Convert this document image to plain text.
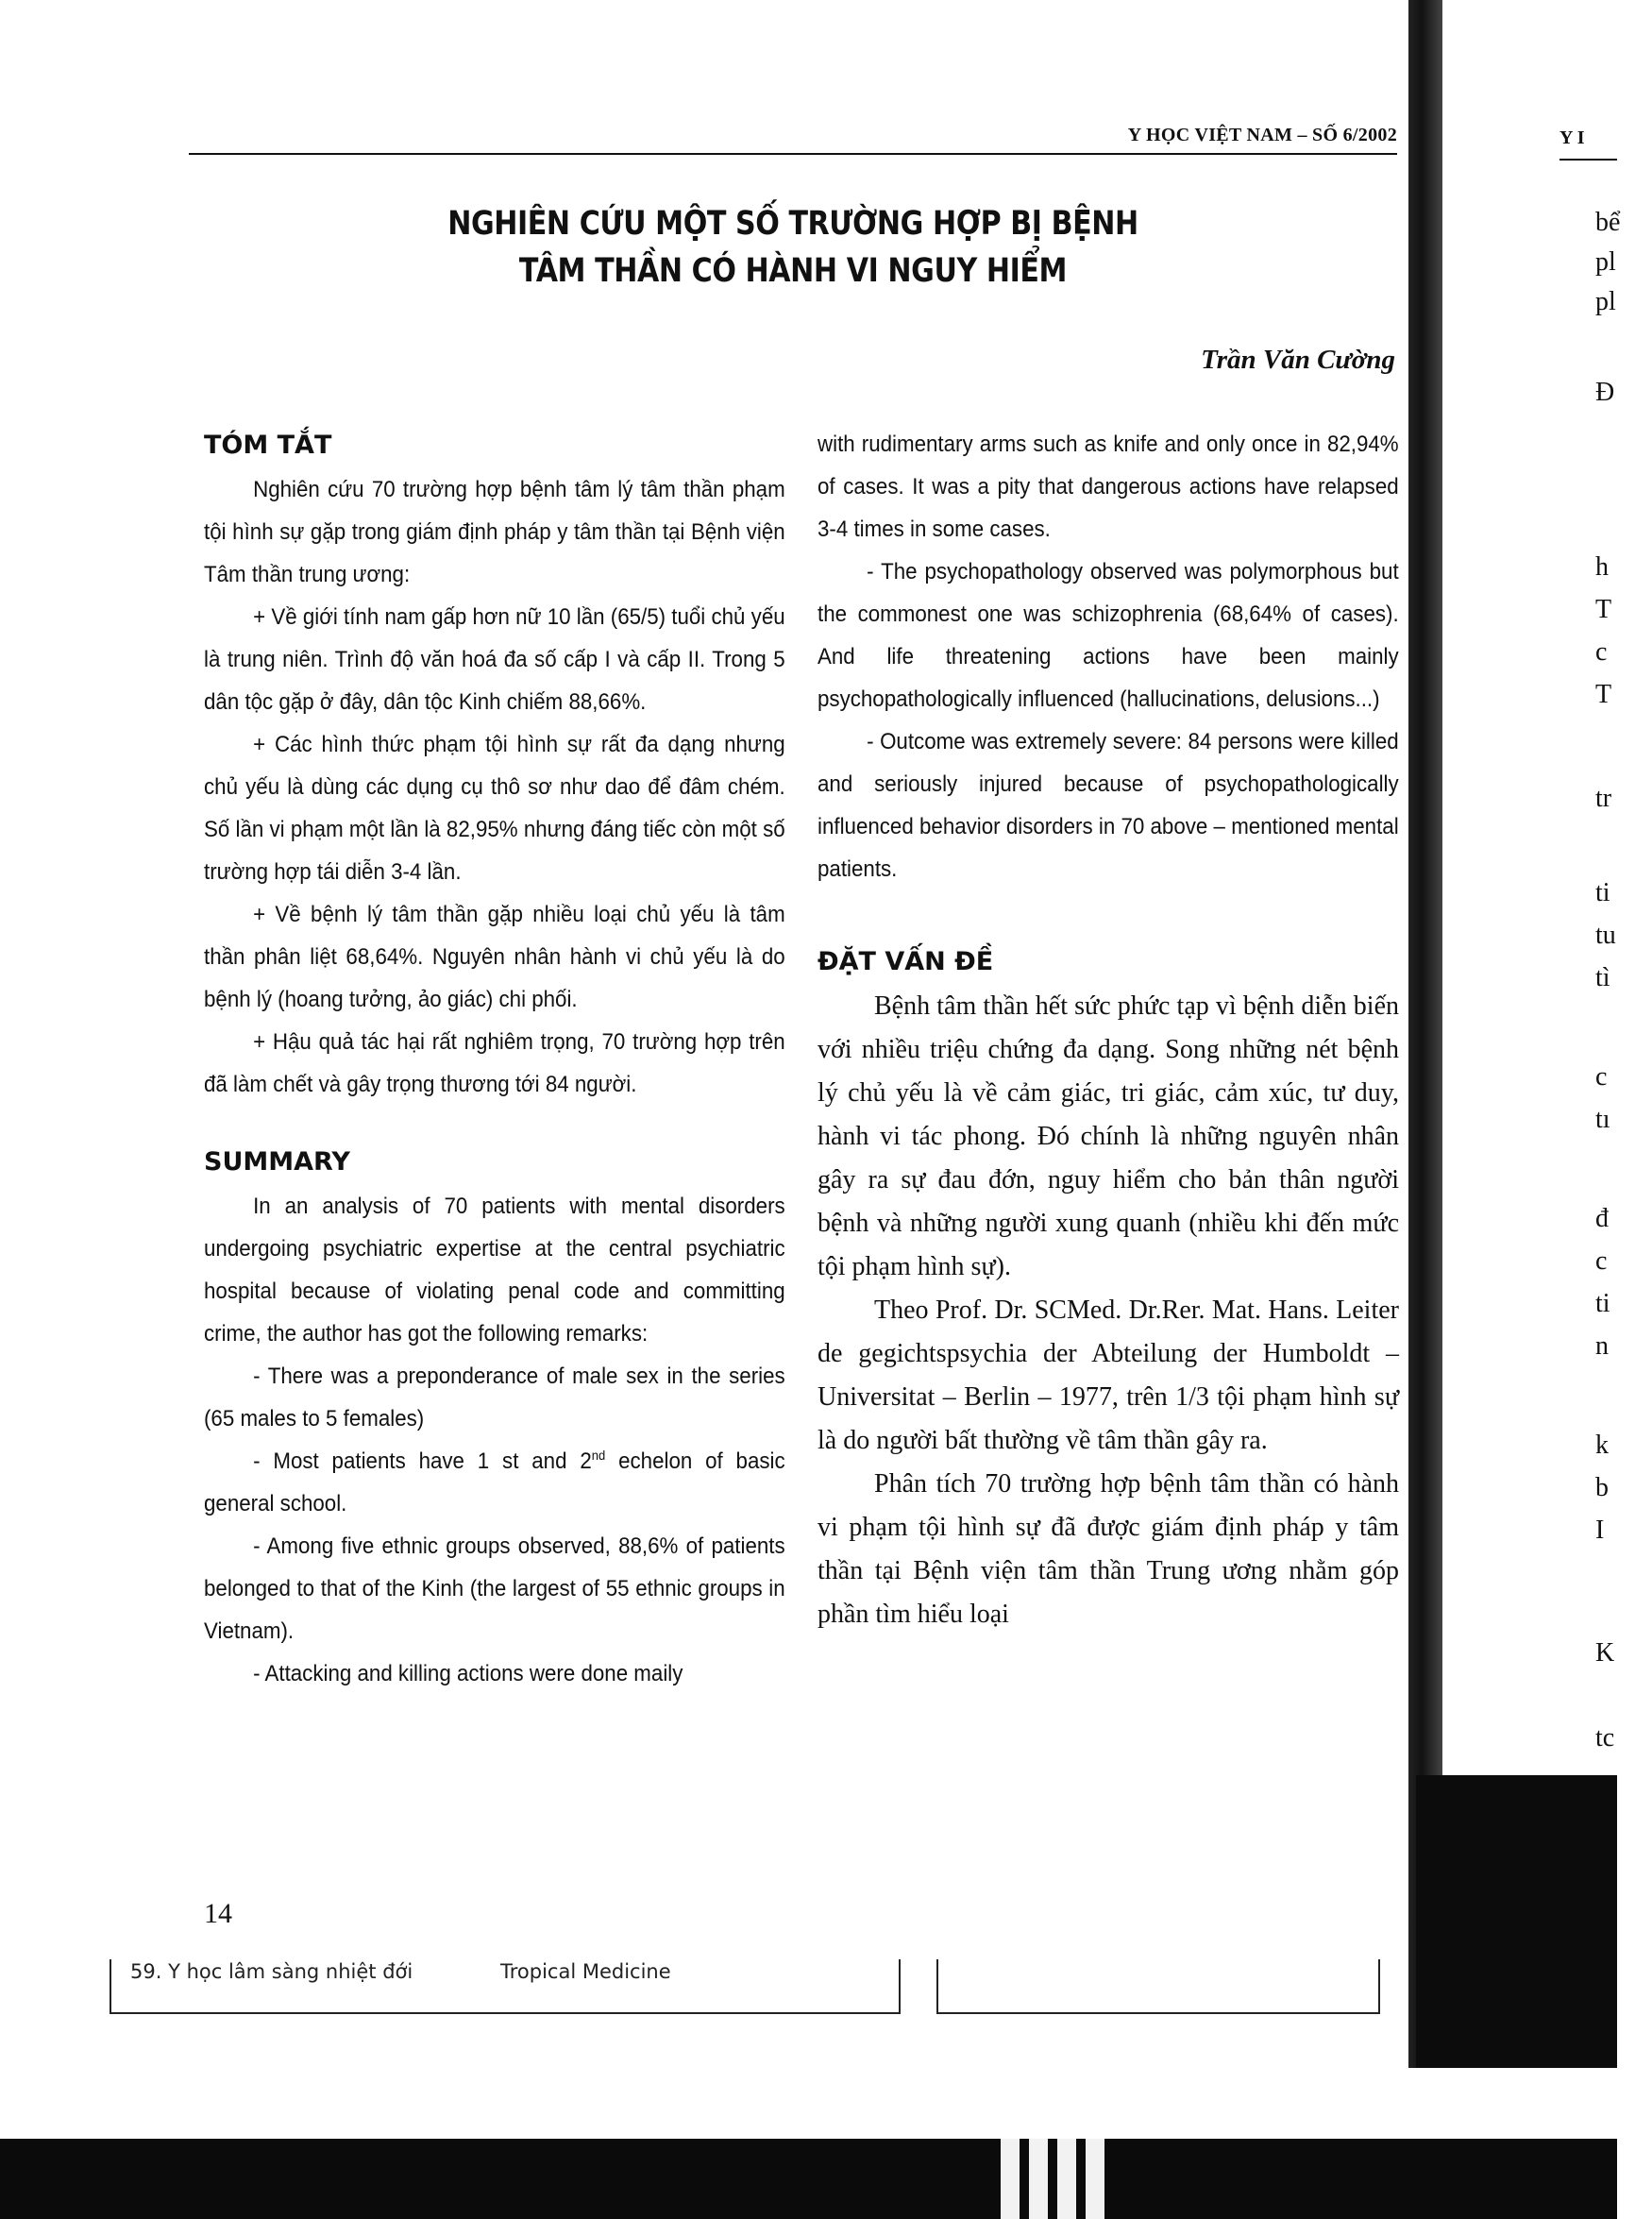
Y HỌC VIỆT NAM – SỐ 6/2002	Y I
NGHIÊN CỨU MỘT SỐ TRƯỜNG HỢP BỊ BỆNH
TÂM THẦN CÓ HÀNH VI NGUY HIỂM
Trần Văn Cường
TÓM TẮT

Nghiên cứu 70 trường hợp bệnh tâm lý tâm thần phạm tội hình sự gặp trong giám định pháp y tâm thần tại Bệnh viện Tâm thần trung ương:

+ Về giới tính nam gấp hơn nữ 10 lần (65/5) tuổi chủ yếu là trung niên. Trình độ văn hoá đa số cấp I và cấp II. Trong 5 dân tộc gặp ở đây, dân tộc Kinh chiếm 88,66%.

+ Các hình thức phạm tội hình sự rất đa dạng nhưng chủ yếu là dùng các dụng cụ thô sơ như dao để đâm chém. Số lần vi phạm một lần là 82,95% nhưng đáng tiếc còn một số trường hợp tái diễn 3-4 lần.

+ Về bệnh lý tâm thần gặp nhiều loại chủ yếu là tâm thần phân liệt 68,64%. Nguyên nhân hành vi chủ yếu là do bệnh lý (hoang tưởng, ảo giác) chi phối.

+ Hậu quả tác hại rất nghiêm trọng, 70 trường hợp trên đã làm chết và gây trọng thương tới 84 người.

SUMMARY

In an analysis of 70 patients with mental disorders undergoing psychiatric expertise at the central psychiatric hospital because of violating penal code and committing crime, the author has got the following remarks:

- There was a preponderance of male sex in the series (65 males to 5 females)

- Most patients have 1 st and 2nd echelon of basic general school.

- Among five ethnic groups observed, 88,6% of patients belonged to that of the Kinh (the largest of 55 ethnic groups in Vietnam).

- Attacking and killing actions were done maily

with rudimentary arms such as knife and only once in 82,94% of cases. It was a pity that dangerous actions have relapsed 3-4 times in some cases.

- The psychopathology observed was polymorphous but the commonest one was schizophrenia (68,64% of cases). And life threatening actions have been mainly psychopathologically influenced (hallucinations, delusions...)

- Outcome was extremely severe: 84 persons were killed and seriously injured because of psychopathologically influenced behavior disorders in 70 above – mentioned mental patients.

ĐẶT VẤN ĐỀ

Bệnh tâm thần hết sức phức tạp vì bệnh diễn biến với nhiều triệu chứng đa dạng. Song những nét bệnh lý chủ yếu là về cảm giác, tri giác, cảm xúc, tư duy, hành vi tác phong. Đó chính là những nguyên nhân gây ra sự đau đớn, nguy hiểm cho bản thân người bệnh và những người xung quanh (nhiều khi đến mức tội phạm hình sự).

Theo Prof. Dr. SCMed. Dr.Rer. Mat. Hans. Leiter de gegichtspsychia der Abteilung der Humboldt – Universitat – Berlin – 1977, trên 1/3 tội phạm hình sự là do người bất thường về tâm thần gây ra.

Phân tích 70 trường hợp bệnh tâm thần có hành vi phạm tội hình sự đã được giám định pháp y tâm thần tại Bệnh viện tâm thần Trung ương nhằm góp phần tìm hiểu loại

14
59. Y học lâm sàng nhiệt đới	Tropical Medicine
bể
pl
pl
Đ
h
T
c
T
tr
ti
tu
tì
c
tı
đ
c
ti
n
k
b
I
K
tc
